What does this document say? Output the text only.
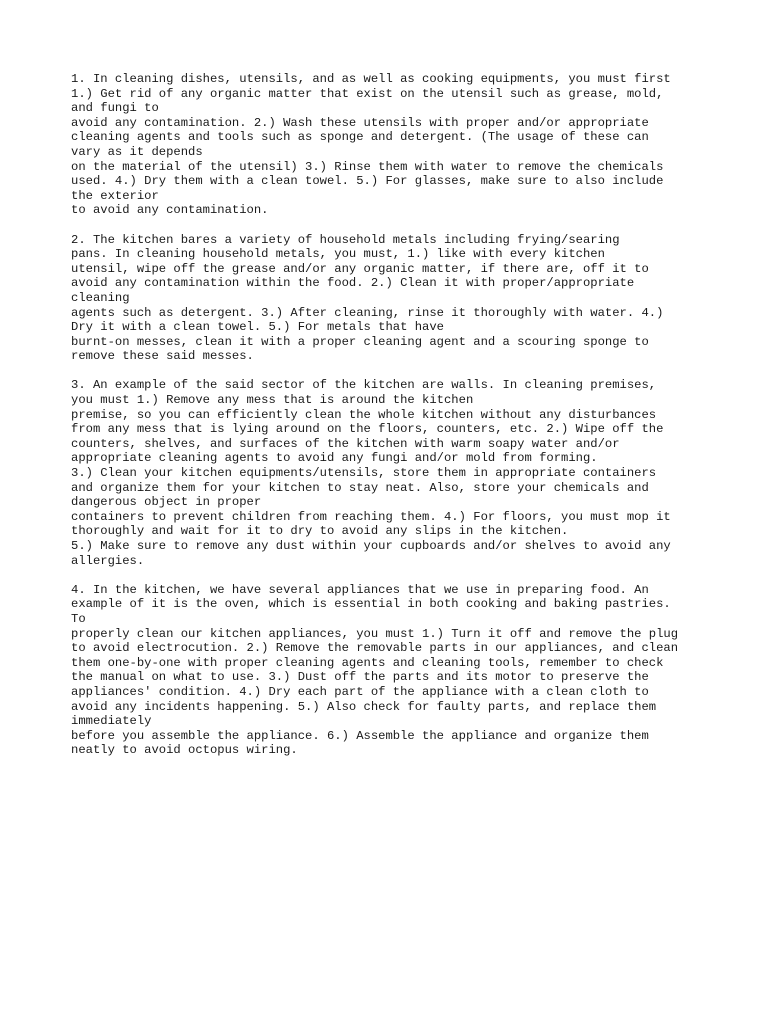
1. In cleaning dishes, utensils, and as well as cooking equipments, you must first
1.) Get rid of any organic matter that exist on the utensil such as grease, mold,
and fungi to
avoid any contamination. 2.) Wash these utensils with proper and/or appropriate
cleaning agents and tools such as sponge and detergent. (The usage of these can
vary as it depends
on the material of the utensil) 3.) Rinse them with water to remove the chemicals
used. 4.) Dry them with a clean towel. 5.) For glasses, make sure to also include
the exterior
to avoid any contamination.
2. The kitchen bares a variety of household metals including frying/searing
pans. In cleaning household metals, you must, 1.) like with every kitchen
utensil, wipe off the grease and/or any organic matter, if there are, off it to
avoid any contamination within the food. 2.) Clean it with proper/appropriate
cleaning
agents such as detergent. 3.) After cleaning, rinse it thoroughly with water. 4.)
Dry it with a clean towel. 5.) For metals that have
burnt-on messes, clean it with a proper cleaning agent and a scouring sponge to
remove these said messes.
3. An example of the said sector of the kitchen are walls. In cleaning premises,
you must 1.) Remove any mess that is around the kitchen
premise, so you can efficiently clean the whole kitchen without any disturbances
from any mess that is lying around on the floors, counters, etc. 2.) Wipe off the
counters, shelves, and surfaces of the kitchen with warm soapy water and/or
appropriate cleaning agents to avoid any fungi and/or mold from forming.
3.) Clean your kitchen equipments/utensils, store them in appropriate containers
and organize them for your kitchen to stay neat. Also, store your chemicals and
dangerous object in proper
containers to prevent children from reaching them. 4.) For floors, you must mop it
thoroughly and wait for it to dry to avoid any slips in the kitchen.
5.) Make sure to remove any dust within your cupboards and/or shelves to avoid any
allergies.
4. In the kitchen, we have several appliances that we use in preparing food. An
example of it is the oven, which is essential in both cooking and baking pastries.
To
properly clean our kitchen appliances, you must 1.) Turn it off and remove the plug
to avoid electrocution. 2.) Remove the removable parts in our appliances, and clean
them one-by-one with proper cleaning agents and cleaning tools, remember to check
the manual on what to use. 3.) Dust off the parts and its motor to preserve the
appliances' condition. 4.) Dry each part of the appliance with a clean cloth to
avoid any incidents happening. 5.) Also check for faulty parts, and replace them
immediately
before you assemble the appliance. 6.) Assemble the appliance and organize them
neatly to avoid octopus wiring.
